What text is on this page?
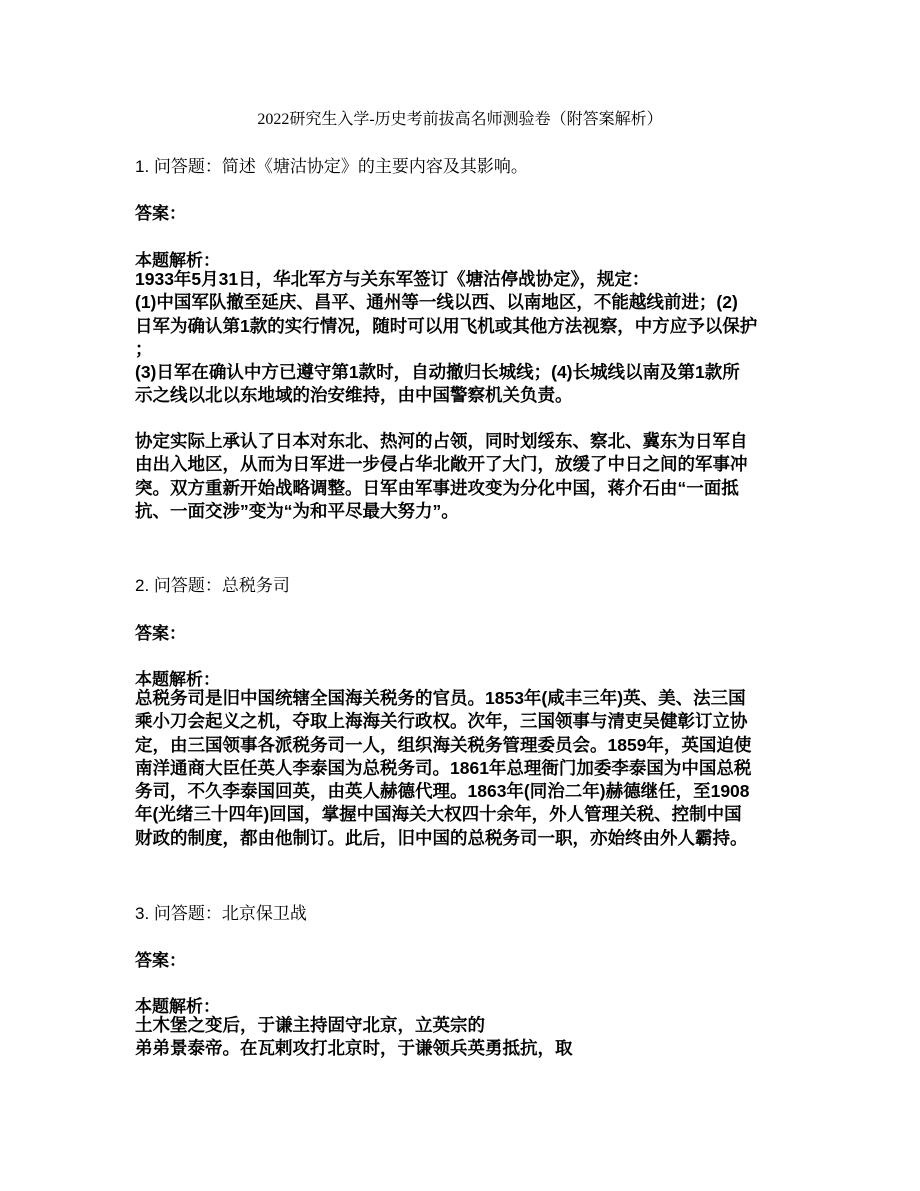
2022研究生入学-历史考前拔高名师测验卷（附答案解析）
1. 问答题：简述《塘沽协定》的主要内容及其影响。
答案：
本题解析：
1933年5月31日，华北军方与关东军签订《塘沽停战协定》，规定：
(1)中国军队撤至延庆、昌平、通州等一线以西、以南地区，不能越线前进；(2)
日军为确认第1款的实行情况，随时可以用飞机或其他方法视察，中方应予以保护
；
(3)日军在确认中方已遵守第1款时，自动撤归长城线；(4)长城线以南及第1款所
示之线以北以东地域的治安维持，由中国警察机关负责。
协定实际上承认了日本对东北、热河的占领，同时划绥东、察北、冀东为日军自
由出入地区，从而为日军进一步侵占华北敞开了大门，放缓了中日之间的军事冲
突。双方重新开始战略调整。日军由军事进攻变为分化中国，蒋介石由“一面抵
抗、一面交涉”变为“为和平尽最大努力”。
2. 问答题：总税务司
答案：
本题解析：
总税务司是旧中国统辖全国海关税务的官员。1853年(咸丰三年)英、美、法三国
乘小刀会起义之机，夺取上海海关行政权。次年，三国领事与清吏吴健彰订立协
定，由三国领事各派税务司一人，组织海关税务管理委员会。1859年，英国迫使
南洋通商大臣任英人李泰国为总税务司。1861年总理衙门加委李泰国为中国总税
务司，不久李泰国回英，由英人赫德代理。1863年(同治二年)赫德继任，至1908
年(光绪三十四年)回国，掌握中国海关大权四十余年，外人管理关税、控制中国
财政的制度，都由他制订。此后，旧中国的总税务司一职，亦始终由外人霸持。
3. 问答题：北京保卫战
答案：
本题解析：
土木堡之变后，于谦主持固守北京，立英宗的
弟弟景泰帝。在瓦剌攻打北京时，于谦领兵英勇抵抗，取
